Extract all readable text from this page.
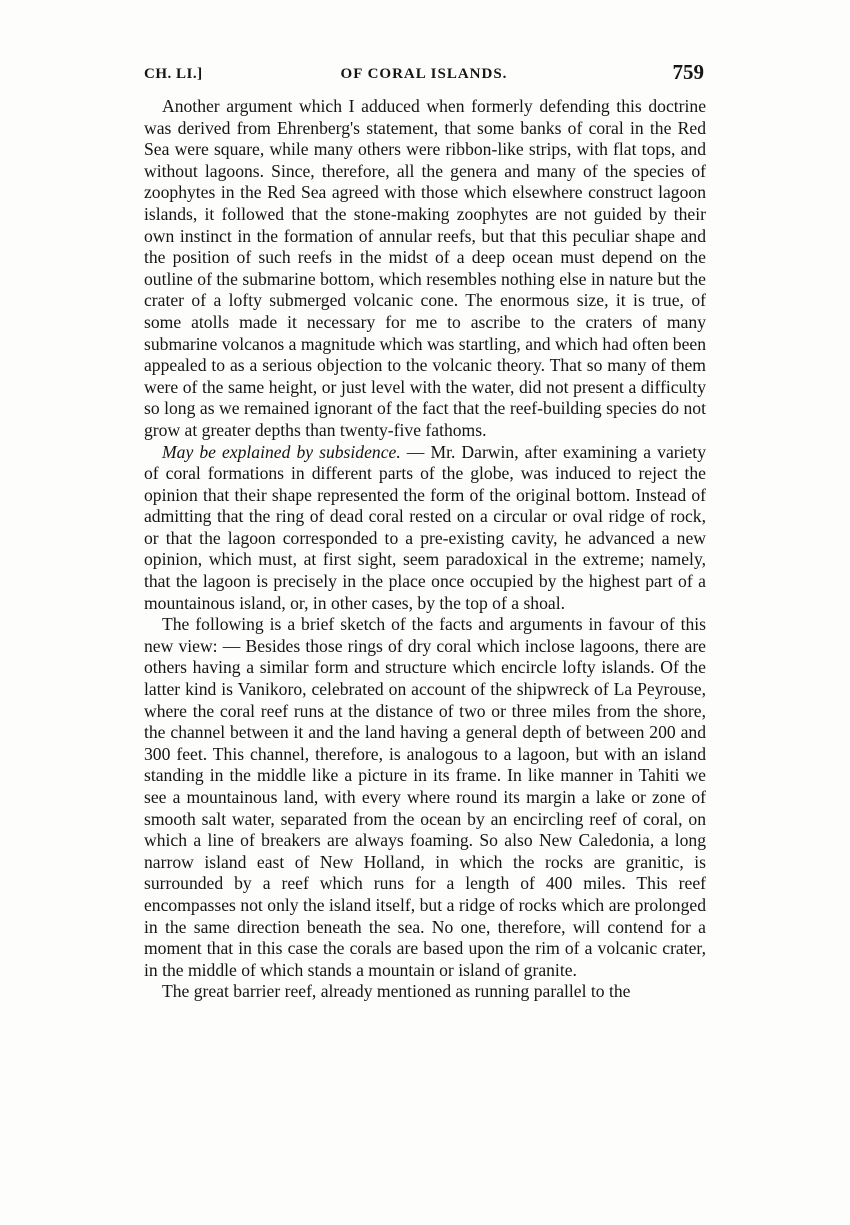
CH. LI.]	OF CORAL ISLANDS.	759

Another argument which I adduced when formerly defending this doctrine was derived from Ehrenberg's statement, that some banks of coral in the Red Sea were square, while many others were ribbon-like strips, with flat tops, and without lagoons. Since, therefore, all the genera and many of the species of zoophytes in the Red Sea agreed with those which elsewhere construct lagoon islands, it followed that the stone-making zoophytes are not guided by their own instinct in the formation of annular reefs, but that this peculiar shape and the position of such reefs in the midst of a deep ocean must depend on the outline of the submarine bottom, which resembles nothing else in nature but the crater of a lofty submerged volcanic cone. The enormous size, it is true, of some atolls made it necessary for me to ascribe to the craters of many submarine volcanos a magnitude which was startling, and which had often been appealed to as a serious objection to the volcanic theory. That so many of them were of the same height, or just level with the water, did not present a difficulty so long as we remained ignorant of the fact that the reef-building species do not grow at greater depths than twenty-five fathoms.

May be explained by subsidence. — Mr. Darwin, after examining a variety of coral formations in different parts of the globe, was induced to reject the opinion that their shape represented the form of the original bottom. Instead of admitting that the ring of dead coral rested on a circular or oval ridge of rock, or that the lagoon corresponded to a pre-existing cavity, he advanced a new opinion, which must, at first sight, seem paradoxical in the extreme; namely, that the lagoon is precisely in the place once occupied by the highest part of a mountainous island, or, in other cases, by the top of a shoal.

The following is a brief sketch of the facts and arguments in favour of this new view: — Besides those rings of dry coral which inclose lagoons, there are others having a similar form and structure which encircle lofty islands. Of the latter kind is Vanikoro, celebrated on account of the shipwreck of La Peyrouse, where the coral reef runs at the distance of two or three miles from the shore, the channel between it and the land having a general depth of between 200 and 300 feet. This channel, therefore, is analogous to a lagoon, but with an island standing in the middle like a picture in its frame. In like manner in Tahiti we see a mountainous land, with every where round its margin a lake or zone of smooth salt water, separated from the ocean by an encircling reef of coral, on which a line of breakers are always foaming. So also New Caledonia, a long narrow island east of New Holland, in which the rocks are granitic, is surrounded by a reef which runs for a length of 400 miles. This reef encompasses not only the island itself, but a ridge of rocks which are prolonged in the same direction beneath the sea. No one, therefore, will contend for a moment that in this case the corals are based upon the rim of a volcanic crater, in the middle of which stands a mountain or island of granite.

The great barrier reef, already mentioned as running parallel to the
